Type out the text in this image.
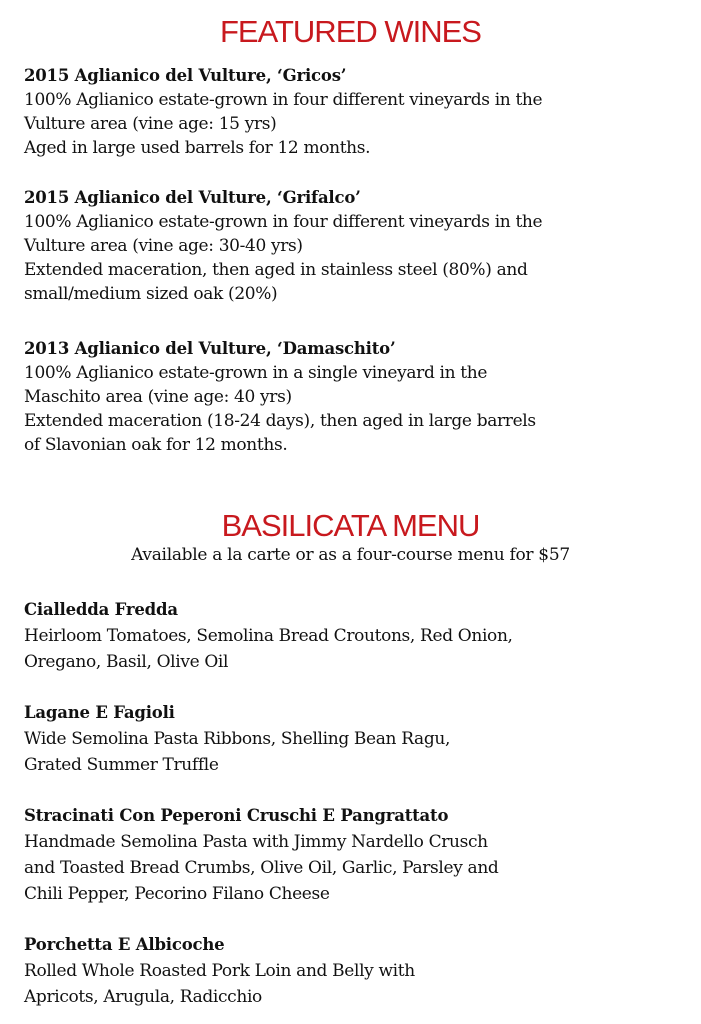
FEATURED WINES
2015 Aglianico del Vulture, ‘Gricos’
100% Aglianico estate-grown in four different vineyards in the
Vulture area (vine age: 15 yrs)
Aged in large used barrels for 12 months.
2015 Aglianico del Vulture, ‘Grifalco’
100% Aglianico estate-grown in four different vineyards in the
Vulture area (vine age: 30-40 yrs)
Extended maceration, then aged in stainless steel (80%) and
small/medium sized oak (20%)
2013 Aglianico del Vulture, ‘Damaschito’
100% Aglianico estate-grown in a single vineyard in the
Maschito area (vine age: 40 yrs)
Extended maceration (18-24 days), then aged in large barrels
of Slavonian oak for 12 months.
BASILICATA MENU
Available a la carte or as a four-course menu for $57
Cialledda Fredda
Heirloom Tomatoes, Semolina Bread Croutons, Red Onion,
Oregano, Basil, Olive Oil
Lagane E Fagioli
Wide Semolina Pasta Ribbons, Shelling Bean Ragu,
Grated Summer Truffle
Stracinati Con Peperoni Cruschi E Pangrattato
Handmade Semolina Pasta with Jimmy Nardello Crusch
and Toasted Bread Crumbs, Olive Oil, Garlic, Parsley and
Chili Pepper, Pecorino Filano Cheese
Porchetta E Albicoche
Rolled Whole Roasted Pork Loin and Belly with
Apricots, Arugula, Radicchio
